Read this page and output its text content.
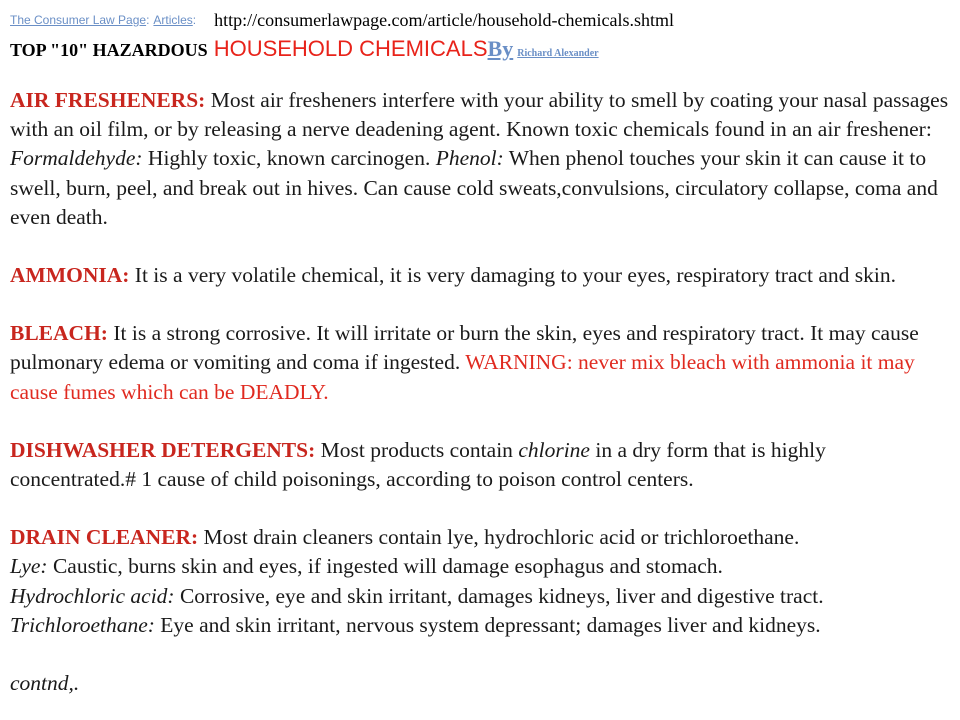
$^{The Consumer Law Page:}$ $^{Articles:}$ http://consumerlawpage.com/article/household-chemicals.shtml
TOP "10" HAZARDOUS HOUSEHOLD CHEMICALSBy Richard Alexander

AIR FRESHENERS: Most air fresheners interfere with your ability to smell by coating your nasal passages with an oil film, or by releasing a nerve deadening agent. Known toxic chemicals found in an air freshener: Formaldehyde: Highly toxic, known carcinogen. Phenol: When phenol touches your skin it can cause it to swell, burn, peel, and break out in hives. Can cause cold sweats,convulsions, circulatory collapse, coma and even death.

AMMONIA: It is a very volatile chemical, it is very damaging to your eyes, respiratory tract and skin.

BLEACH: It is a strong corrosive. It will irritate or burn the skin, eyes and respiratory tract. It may cause pulmonary edema or vomiting and coma if ingested. WARNING: never mix bleach with ammonia it may cause fumes which can be DEADLY.

DISHWASHER DETERGENTS: Most products contain chlorine in a dry form that is highly concentrated.# 1 cause of child poisonings, according to poison control centers.

DRAIN CLEANER: Most drain cleaners contain lye, hydrochloric acid or trichloroethane.
Lye: Caustic, burns skin and eyes, if ingested will damage esophagus and stomach.
Hydrochloric acid: Corrosive, eye and skin irritant, damages kidneys, liver and digestive tract.
Trichloroethane: Eye and skin irritant, nervous system depressant; damages liver and kidneys.

contnd,.
